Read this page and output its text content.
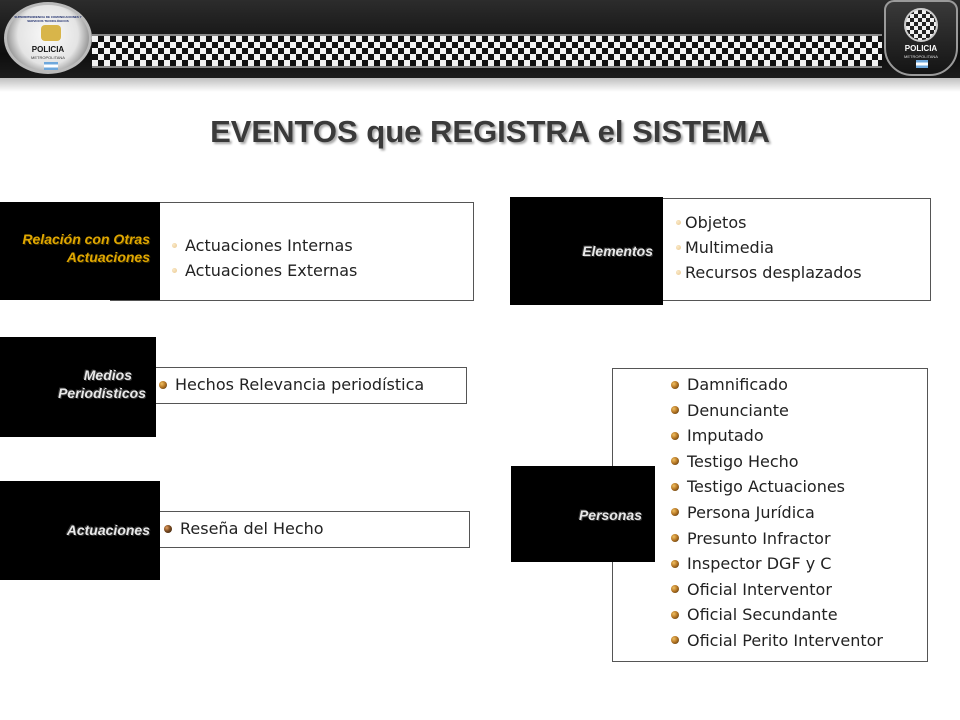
SUPERINTENDENCIA DE COMUNICACIONES Y SERVICIOS TECNOLÓGICOS
POLICIA
METROPOLITANA
POLICIA
METROPOLITANA
EVENTOS que REGISTRA el SISTEMA
Relación con Otras
Actuaciones
Actuaciones Internas
Actuaciones Externas
Medios
Periodísticos	Hechos Relevancia periodística
Actuaciones	Reseña del Hecho
Elementos
Objetos
Multimedia
Recursos desplazados
Personas
Damnificado
Denunciante
Imputado
Testigo Hecho
Testigo Actuaciones
Persona Jurídica
Presunto Infractor
Inspector DGF y C
Oficial Interventor
Oficial Secundante
Oficial Perito Interventor
